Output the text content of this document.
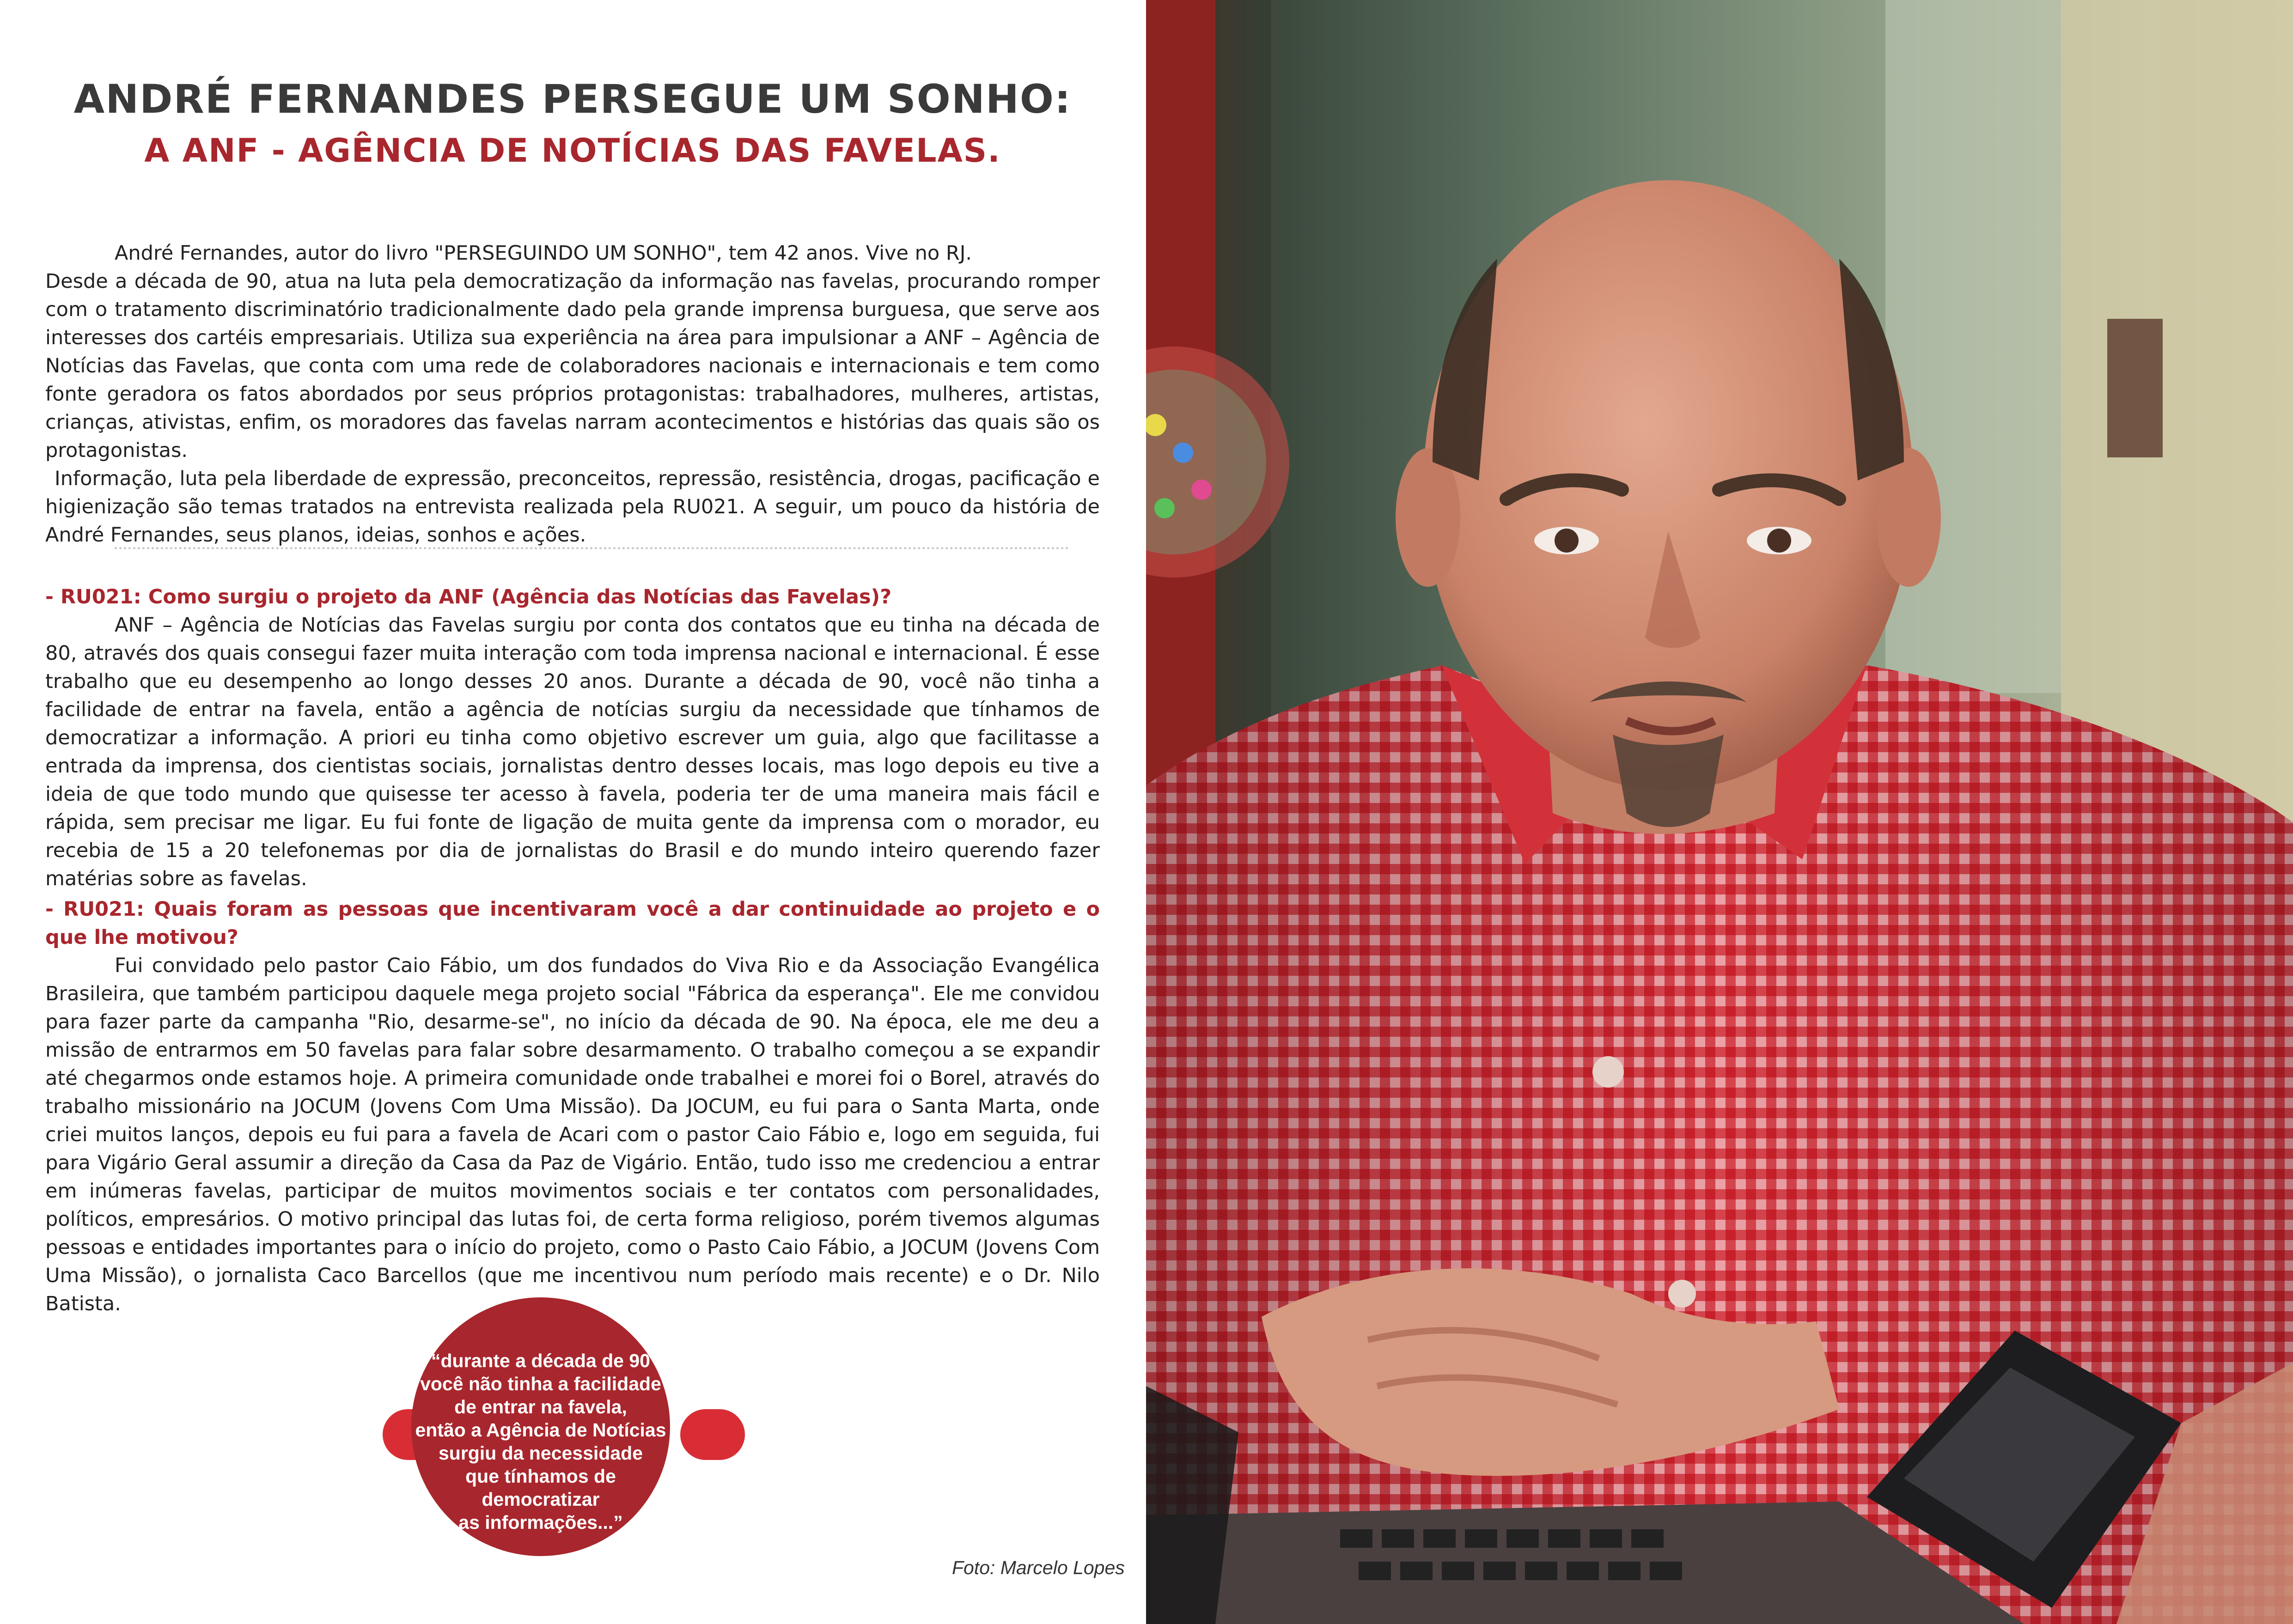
ANDRÉ FERNANDES PERSEGUE UM SONHO:
A ANF - AGÊNCIA DE NOTÍCIAS DAS FAVELAS.

André Fernandes, autor do livro "PERSEGUINDO UM SONHO", tem 42 anos. Vive no RJ.

Desde a década de 90, atua na luta pela democratização da informação nas favelas, procurando romper com o tratamento discriminatório tradicionalmente dado pela grande imprensa burguesa, que serve aos interesses dos cartéis empresariais. Utiliza sua experiência na área para impulsionar a ANF – Agência de Notícias das Favelas, que conta com uma rede de colaboradores nacionais e internacionais e tem como fonte geradora os fatos abordados por seus próprios protagonistas: trabalhadores, mulheres, artistas, crianças, ativistas, enfim, os moradores das favelas narram acontecimentos e histórias das quais são os protagonistas.

Informação, luta pela liberdade de expressão, preconceitos, repressão, resistência, drogas, pacificação e higienização são temas tratados na entrevista realizada pela RU021. A seguir, um pouco da história de André Fernandes, seus planos, ideias, sonhos e ações.

- RU021: Como surgiu o projeto da ANF (Agência das Notícias das Favelas)?

ANF – Agência de Notícias das Favelas surgiu por conta dos contatos que eu tinha na década de 80, através dos quais consegui fazer muita interação com toda imprensa nacional e internacional. É esse trabalho que eu desempenho ao longo desses 20 anos. Durante a década de 90, você não tinha a facilidade de entrar na favela, então a agência de notícias surgiu da necessidade que tínhamos de democratizar a informação. A priori eu tinha como objetivo escrever um guia, algo que facilitasse a entrada da imprensa, dos cientistas sociais, jornalistas dentro desses locais, mas logo depois eu tive a ideia de que todo mundo que quisesse ter acesso à favela, poderia ter de uma maneira mais fácil e rápida, sem precisar me ligar. Eu fui fonte de ligação de muita gente da imprensa com o morador, eu recebia de 15 a 20 telefonemas por dia de jornalistas do Brasil e do mundo inteiro querendo fazer matérias sobre as favelas.

- RU021: Quais foram as pessoas que incentivaram você a dar continuidade ao projeto e o que lhe motivou?

Fui convidado pelo pastor Caio Fábio, um dos fundados do Viva Rio e da Associação Evangélica Brasileira, que também participou daquele mega projeto social "Fábrica da esperança". Ele me convidou para fazer parte da campanha "Rio, desarme-se", no início da década de 90. Na época, ele me deu a missão de entrarmos em 50 favelas para falar sobre desarmamento. O trabalho começou a se expandir até chegarmos onde estamos hoje. A primeira comunidade onde trabalhei e morei foi o Borel, através do trabalho missionário na JOCUM (Jovens Com Uma Missão). Da JOCUM, eu fui para o Santa Marta, onde criei muitos lanços, depois eu fui para a favela de Acari com o pastor Caio Fábio e, logo em seguida, fui para Vigário Geral assumir a direção da Casa da Paz de Vigário. Então, tudo isso me credenciou a entrar em inúmeras favelas, participar de muitos movimentos sociais e ter contatos com personalidades, políticos, empresários. O motivo principal das lutas foi, de certa forma religioso, porém tivemos algumas pessoas e entidades importantes para o início do projeto, como o Pasto Caio Fábio, a JOCUM (Jovens Com Uma Missão), o jornalista Caco Barcellos (que me incentivou num período mais recente) e o Dr. Nilo Batista.

“durante a década de 90
você não tinha a facilidade
de entrar na favela,
então a Agência de Notícias
surgiu da necessidade
que tínhamos de democratizar
as informações...”
Foto: Marcelo Lopes
